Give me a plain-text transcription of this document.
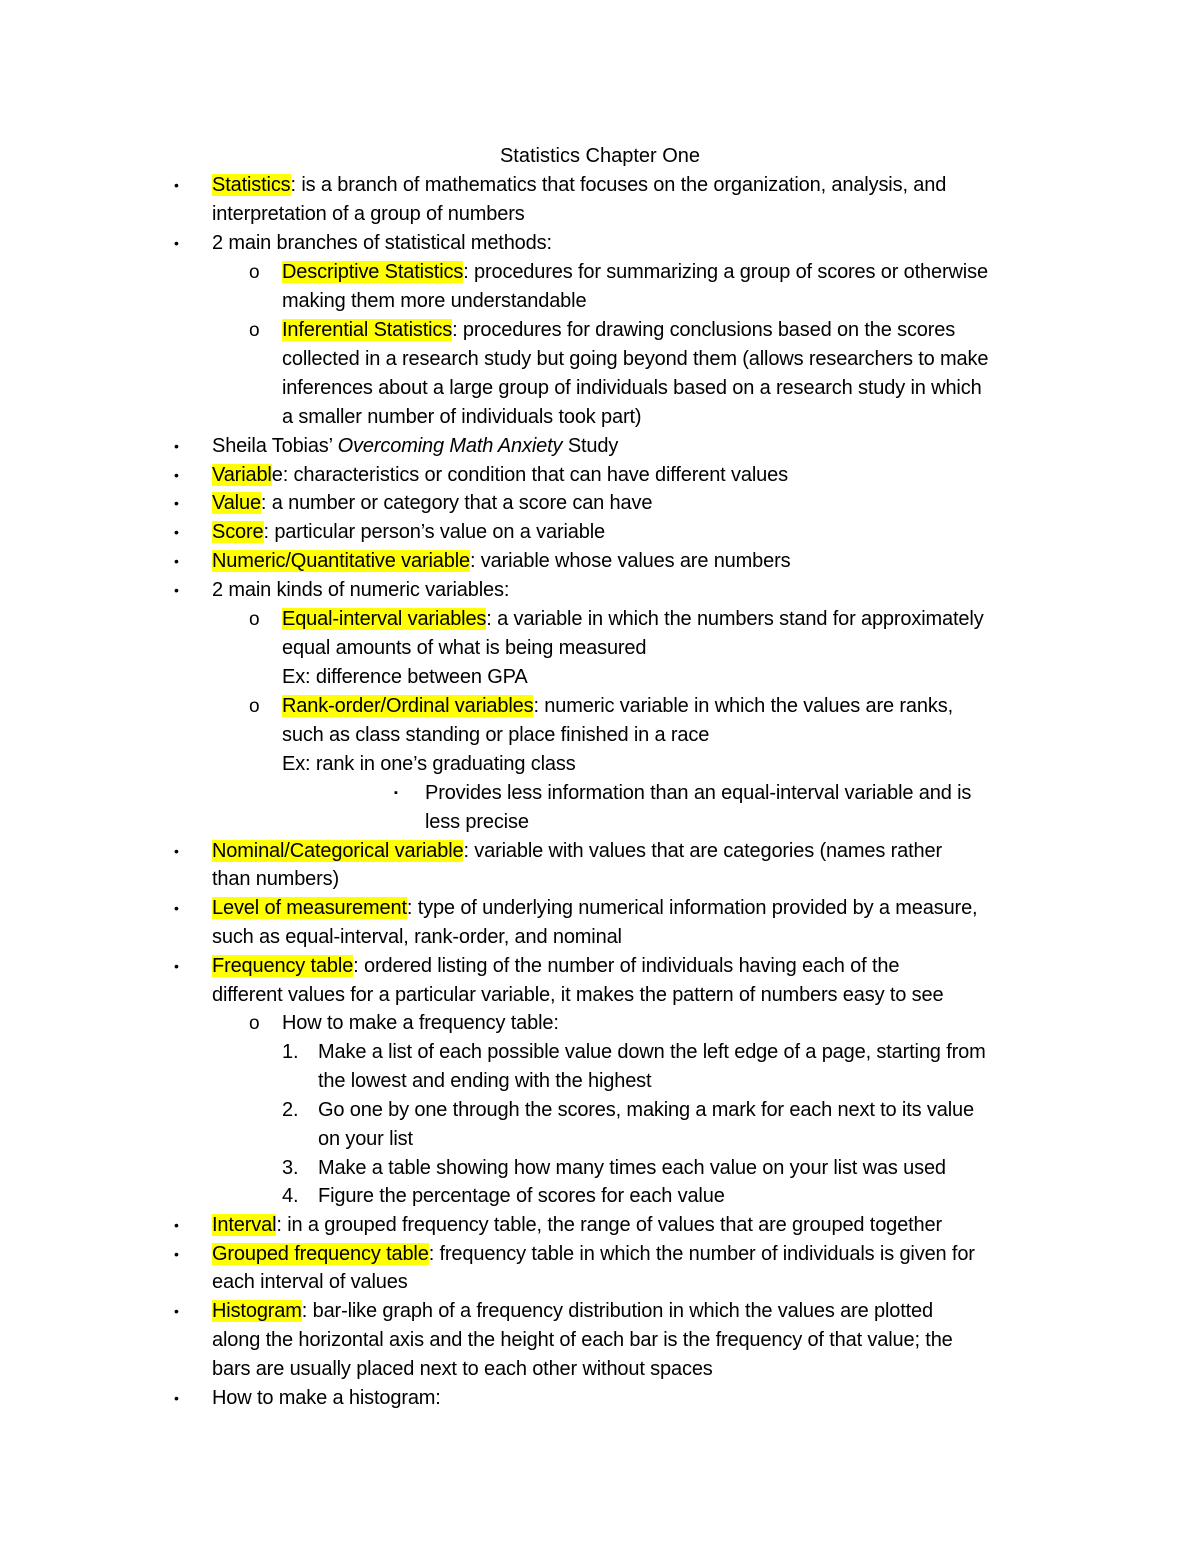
Statistics Chapter One
• Statistics: is a branch of mathematics that focuses on the organization, analysis, and
interpretation of a group of numbers
• 2 main branches of statistical methods:
o Descriptive Statistics: procedures for summarizing a group of scores or otherwise
making them more understandable
o Inferential Statistics: procedures for drawing conclusions based on the scores
collected in a research study but going beyond them (allows researchers to make
inferences about a large group of individuals based on a research study in which
a smaller number of individuals took part)
• Sheila Tobias’ Overcoming Math Anxiety Study
• Variable: characteristics or condition that can have different values
• Value: a number or category that a score can have
• Score: particular person’s value on a variable
• Numeric/Quantitative variable: variable whose values are numbers
• 2 main kinds of numeric variables:
o Equal-interval variables: a variable in which the numbers stand for approximately
equal amounts of what is being measured
Ex: difference between GPA
o Rank-order/Ordinal variables: numeric variable in which the values are ranks,
such as class standing or place finished in a race
Ex: rank in one’s graduating class
▪ Provides less information than an equal-interval variable and is
less precise
• Nominal/Categorical variable: variable with values that are categories (names rather
than numbers)
• Level of measurement: type of underlying numerical information provided by a measure,
such as equal-interval, rank-order, and nominal
• Frequency table: ordered listing of the number of individuals having each of the
different values for a particular variable, it makes the pattern of numbers easy to see
o How to make a frequency table:
1. Make a list of each possible value down the left edge of a page, starting from
the lowest and ending with the highest
2. Go one by one through the scores, making a mark for each next to its value
on your list
3. Make a table showing how many times each value on your list was used
4. Figure the percentage of scores for each value
• Interval: in a grouped frequency table, the range of values that are grouped together
• Grouped frequency table: frequency table in which the number of individuals is given for
each interval of values
• Histogram: bar-like graph of a frequency distribution in which the values are plotted
along the horizontal axis and the height of each bar is the frequency of that value; the
bars are usually placed next to each other without spaces
• How to make a histogram:
